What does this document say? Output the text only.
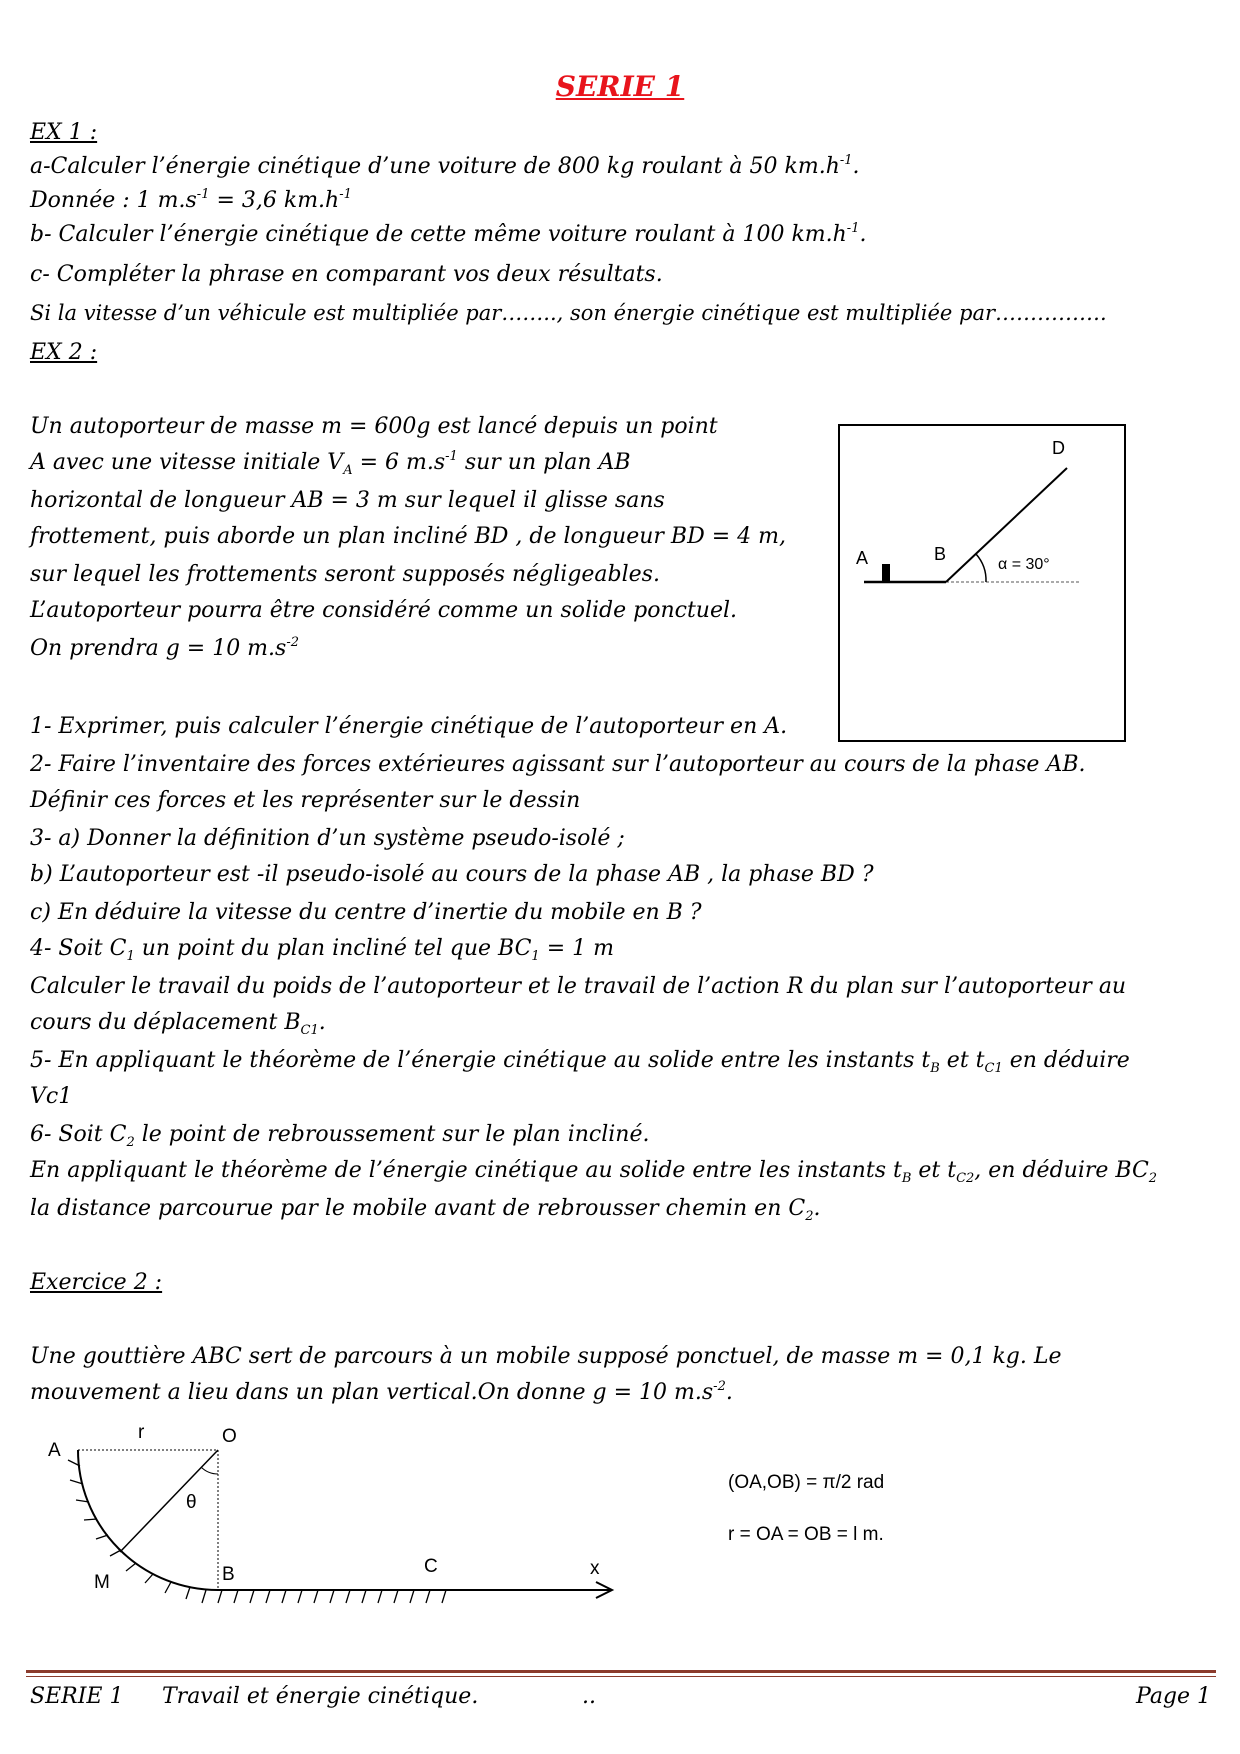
SERIE 1
EX 1 :
a-Calculer l’énergie cinétique d’une voiture de 800 kg roulant à 50 $km.h^{-1}$.
Donnée : 1 $m.s^{-1} = 3,6$ $km.h^{-1}$
b- Calculer l’énergie cinétique de cette même voiture roulant à 100 $km.h^{-1}$.
c- Compléter la phrase en comparant vos deux résultats.
Si la vitesse d’un véhicule est multipliée par…….., son énergie cinétique est multipliée par…………….
EX 2 :
Un autoporteur de masse m = 600g est lancé depuis un point
A avec une vitesse initiale $V_A = 6$ $m.s^{-1}$ sur un plan AB
horizontal de longueur AB = 3 m sur lequel il glisse sans
frottement, puis aborde un plan incliné BD , de longueur BD = 4 m,
sur lequel les frottements seront supposés négligeables.
L’autoporteur pourra être considéré comme un solide ponctuel.
On prendra g = 10 $m.s^{-2}$
1- Exprimer, puis calculer l’énergie cinétique de l’autoporteur en A.
2- Faire l’inventaire des forces extérieures agissant sur l’autoporteur au cours de la phase AB.
Définir ces forces et les représenter sur le dessin
3- a) Donner la définition d’un système pseudo-isolé ;
b) L’autoporteur est -il pseudo-isolé au cours de la phase AB , la phase BD ?
c) En déduire la vitesse du centre d’inertie du mobile en B ?
4- Soit $C_1$ un point du plan incliné tel que $BC_1 = 1$ m
Calculer le travail du poids de l’autoporteur et le travail de l’action R du plan sur l’autoporteur au
cours du déplacement $B_{C1}$.
5- En appliquant le théorème de l’énergie cinétique au solide entre les instants $t_B$ et $t_{C1}$ en déduire
Vc1
6- Soit $C_2$ le point de rebroussement sur le plan incliné.
En appliquant le théorème de l’énergie cinétique au solide entre les instants $t_B$ et $t_{C2}$, en déduire $BC_2$
la distance parcourue par le mobile avant de rebrousser chemin en $C_2$.
A	B
D
α = 30°
Exercice 2 :
Une gouttière ABC sert de parcours à un mobile supposé ponctuel, de masse m = 0,1 kg. Le
mouvement a lieu dans un plan vertical.On donne g = 10 $m.s^{-2}$.
r	O
A
θ
M	B	C	x
(OA,OB) = π/2 rad
r = OA = OB = l m.
SERIE 1 Travail et énergie cinétique.	..	Page 1
